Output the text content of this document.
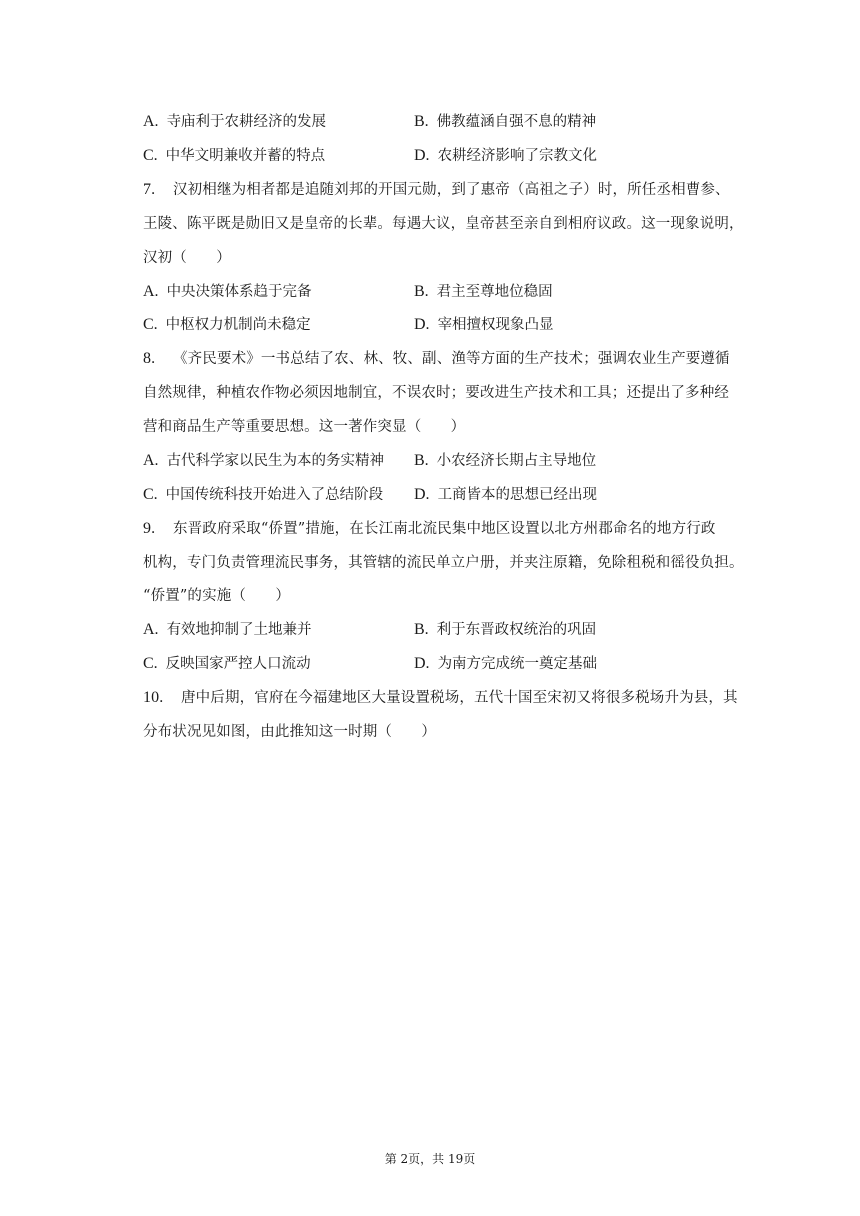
A. 寺庙利于农耕经济的发展	B. 佛教蕴涵自强不息的精神
C. 中华文明兼收并蓄的特点	D. 农耕经济影响了宗教文化
7. 汉初相继为相者都是追随刘邦的开国元勋，到了惠帝（高祖之子）时，所任丞相曹参、
王陵、陈平既是勋旧又是皇帝的长辈。每遇大议，皇帝甚至亲自到相府议政。这一现象说明，
汉初（　　）
A. 中央决策体系趋于完备	B. 君主至尊地位稳固
C. 中枢权力机制尚未稳定	D. 宰相擅权现象凸显
8. 《齐民要术》一书总结了农、林、牧、副、渔等方面的生产技术；强调农业生产要遵循
自然规律，种植农作物必须因地制宜，不误农时；要改进生产技术和工具；还提出了多种经
营和商品生产等重要思想。这一著作突显（　　）
A. 古代科学家以民生为本的务实精神 B. 小农经济长期占主导地位
C. 中国传统科技开始进入了总结阶段 D. 工商皆本的思想已经出现
9. 东晋政府采取“侨置”措施，在长江南北流民集中地区设置以北方州郡命名的地方行政
机构，专门负责管理流民事务，其管辖的流民单立户册，并夹注原籍，免除租税和徭役负担。
“侨置”的实施（　　）
A. 有效地抑制了土地兼并	B. 利于东晋政权统治的巩固
C. 反映国家严控人口流动	D. 为南方完成统一奠定基础
10. 唐中后期，官府在今福建地区大量设置税场，五代十国至宋初又将很多税场升为县，其
分布状况见如图，由此推知这一时期（　　）
第 2页，共 19页
